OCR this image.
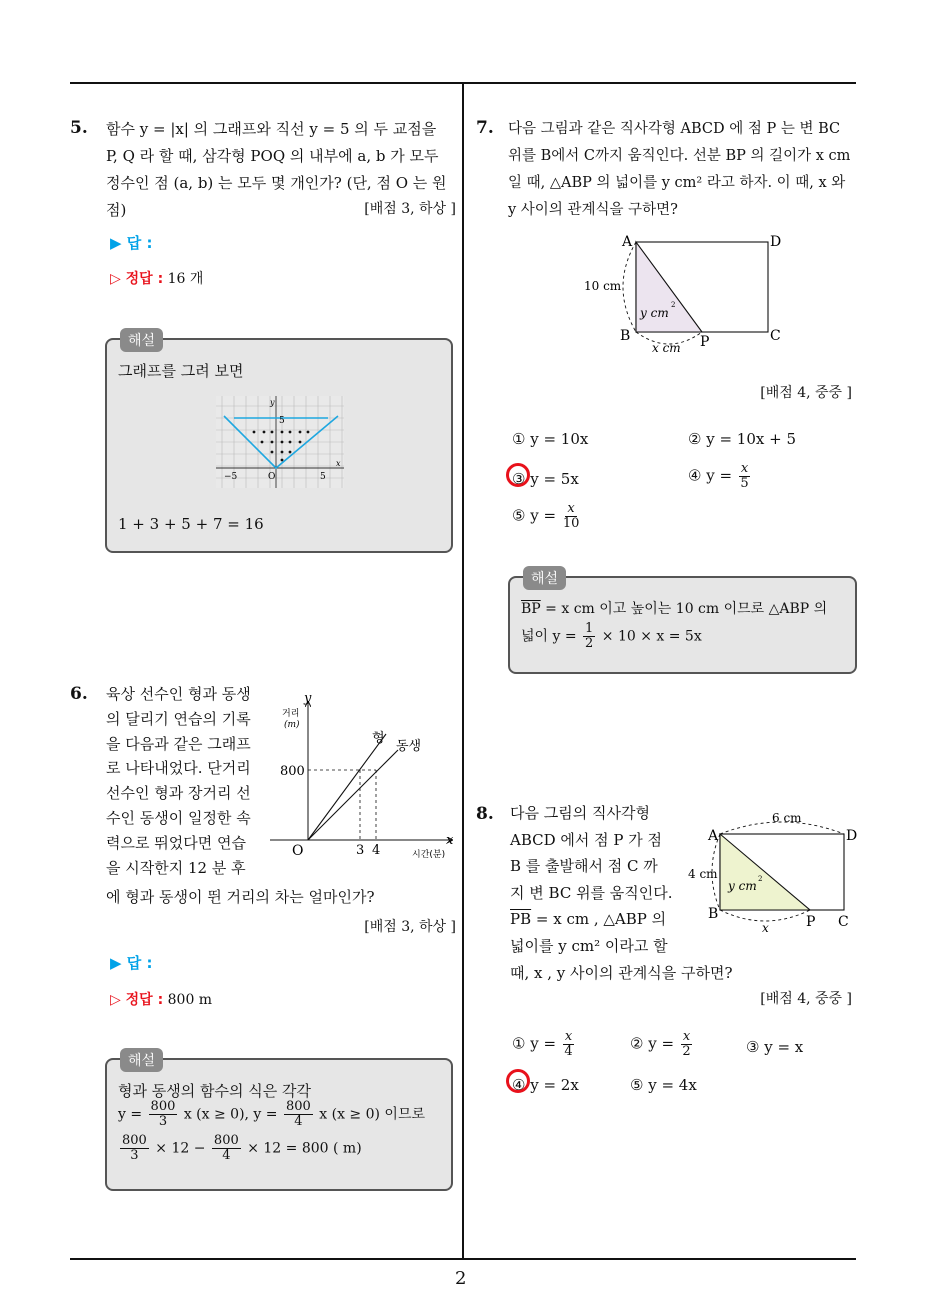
2
5. 함수 y = |x| 의 그래프와 직선 y = 5 의 두 교점을
P, Q 라 할 때, 삼각형 POQ 의 내부에 a, b 가 모두
정수인 점 (a, b) 는 모두 몇 개인가? (단, 점 O 는 원
점)	[배점 3, 하상 ]
▶ 답 :
▷ 정답 : 16 개
해설
그래프를 그려 보면
y
x
5
−5	O	5
1 + 3 + 5 + 7 = 16
6. 육상 선수인 형과 동생
의 달리기 연습의 기록
을 다음과 같은 그래프
로 나타내었다. 단거리
선수인 형과 장거리 선
수인 동생이 일정한 속
력으로 뛰었다면 연습
을 시작한지 12 분 후
에 형과 동생이 뛴 거리의 차는 얼마인가?
[배점 3, 하상 ]
y
거리
(m)
800
O	3 4
x
시간(분)
형
동생
▶ 답 :
▷ 정답 : 800 m
해설
형과 동생의 함수의 식은 각각
$y = \frac{800}{3}$ x (x ≥ 0), $y = \frac{800}{4}$ x (x ≥ 0) 이므로
$\frac{800}{3} \times 12 - \frac{800}{4} \times 12 = 800$ ( m)
7. 다음 그림과 같은 직사각형 ABCD 에 점 P 는 변 BC
위를 B에서 C까지 움직인다. 선분 BP 의 길이가 x cm
일 때, △ABP 의 넓이를 y cm² 라고 하자. 이 때, x 와
y 사이의 관계식을 구하면?
A	D
B	C
P
10 cm
y cm
2
x cm
[배점 4, 중중 ]
① y = 10x	② y = 10x + 5
③ y = 5x	④ $y = \frac{x}{5}$
⑤ $y = \frac{x}{10}$
해설
$\overline{BP} = x$ cm 이고 높이는 10 cm 이므로 △ABP 의
넓이 $y = \frac{1}{2} \times 10 \times x = 5x$
8. 다음 그림의 직사각형
ABCD 에서 점 P 가 점
B 를 출발해서 점 C 까
지 변 BC 위를 움직인다.
$\overline{PB} = x$ cm , △ABP 의
넓이를 y cm² 이라고 할
때, x , y 사이의 관계식을 구하면?
A	D
B	C
P
6 cm
4 cm
y cm 2
x
[배점 4, 중중 ]
① $y = \frac{x}{4}$	② $y = \frac{x}{2}$	③ y = x
④ y = 2x	⑤ y = 4x
